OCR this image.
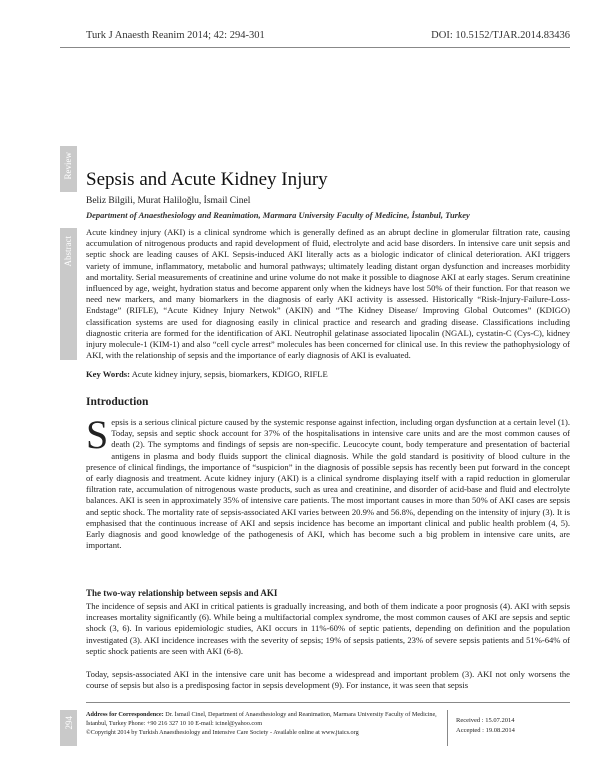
Turk J Anaesth Reanim 2014; 42: 294-301	DOI: 10.5152/TJAR.2014.83436
Review
Abstract
Sepsis and Acute Kidney Injury
Beliz Bilgili, Murat Haliloğlu, İsmail Cinel
Department of Anaesthesiology and Reanimation, Marmara University Faculty of Medicine, İstanbul, Turkey
Acute kindney injury (AKI) is a clinical syndrome which is generally defined as an abrupt decline in glomerular filtration rate, causing accumulation of nitrogenous products and rapid development of fluid, electrolyte and acid base disorders. In intensive care unit sepsis and septic shock are leading causes of AKI. Sepsis-induced AKI literally acts as a biologic indicator of clinical deterioration. AKI triggers variety of immune, inflammatory, metabolic and humoral pathways; ultimately leading distant organ dysfunction and increases morbidity and mortality. Serial measurements of creatinine and urine volume do not make it possible to diagnose AKI at early stages. Serum creatinine influenced by age, weight, hydration status and become apparent only when the kidneys have lost 50% of their function. For that reason we need new markers, and many biomarkers in the diagnosis of early AKI activity is assessed. Historically “Risk-Injury-Failure-Loss-Endstage” (RIFLE), “Acute Kidney Injury Netwok” (AKIN) and “The Kidney Disease/ Improving Global Outcomes” (KDIGO) classification systems are used for diagnosing easily in clinical practice and research and grading disease. Classifications including diagnostic criteria are formed for the identification of AKI. Neutrophil gelatinase associated lipocalin (NGAL), cystatin-C (Cys-C), kidney injury molecule-1 (KIM-1) and also “cell cycle arrest” molecules has been concerned for clinical use. In this review the pathophysiology of AKI, with the relationship of sepsis and the importance of early diagnosis of AKI is evaluated.
Key Words: Acute kidney injury, sepsis, biomarkers, KDIGO, RIFLE
Introduction
Sepsis is a serious clinical picture caused by the systemic response against infection, including organ dysfunction at a certain level (1). Today, sepsis and septic shock account for 37% of the hospitalisations in intensive care units and are the most common causes of death (2). The symptoms and findings of sepsis are non-specific. Leucocyte count, body temperature and presentation of bacterial antigens in plasma and body fluids support the clinical diagnosis. While the gold standard is positivity of blood culture in the presence of clinical findings, the importance of “suspicion” in the diagnosis of possible sepsis has recently been put forward in the concept of early diagnosis and treatment. Acute kidney injury (AKI) is a clinical syndrome displaying itself with a rapid reduction in glomerular filtration rate, accumulation of nitrogenous waste products, such as urea and creatinine, and disorder of acid-base and fluid and electrolyte balances. AKI is seen in approximately 35% of intensive care patients. The most important causes in more than 50% of AKI cases are sepsis and septic shock. The mortality rate of sepsis-associated AKI varies between 20.9% and 56.8%, depending on the intensity of injury (3). It is emphasised that the continuous increase of AKI and sepsis incidence has become an important clinical and public health problem (4, 5). Early diagnosis and good knowledge of the pathogenesis of AKI, which has become such a big problem in intensive care units, are important.
The two-way relationship between sepsis and AKI
The incidence of sepsis and AKI in critical patients is gradually increasing, and both of them indicate a poor prognosis (4). AKI with sepsis increases mortality significantly (6). While being a multifactorial complex syndrome, the most common causes of AKI are sepsis and septic shock (3, 6). In various epidemiologic studies, AKI occurs in 11%-60% of septic patients, depending on definition and the population investigated (3). AKI incidence increases with the severity of sepsis; 19% of sepsis patients, 23% of severe sepsis patients and 51%-64% of septic shock patients are seen with AKI (6-8).
Today, sepsis-associated AKI in the intensive care unit has become a widespread and important problem (3). AKI not only worsens the course of sepsis but also is a predisposing factor in sepsis development (9). For instance, it was seen that sepsis
294
Address for Correspondence: Dr. İsmail Cinel, Department of Anaesthesiology and Reanimation, Marmara University Faculty of Medicine, İstanbul, Turkey Phone: +90 216 327 10 10 E-mail: icinel@yahoo.com
©Copyright 2014 by Turkish Anaesthesiology and Intensive Care Society - Available online at www.jtaics.org
Received : 15.07.2014
Accepted : 19.08.2014
